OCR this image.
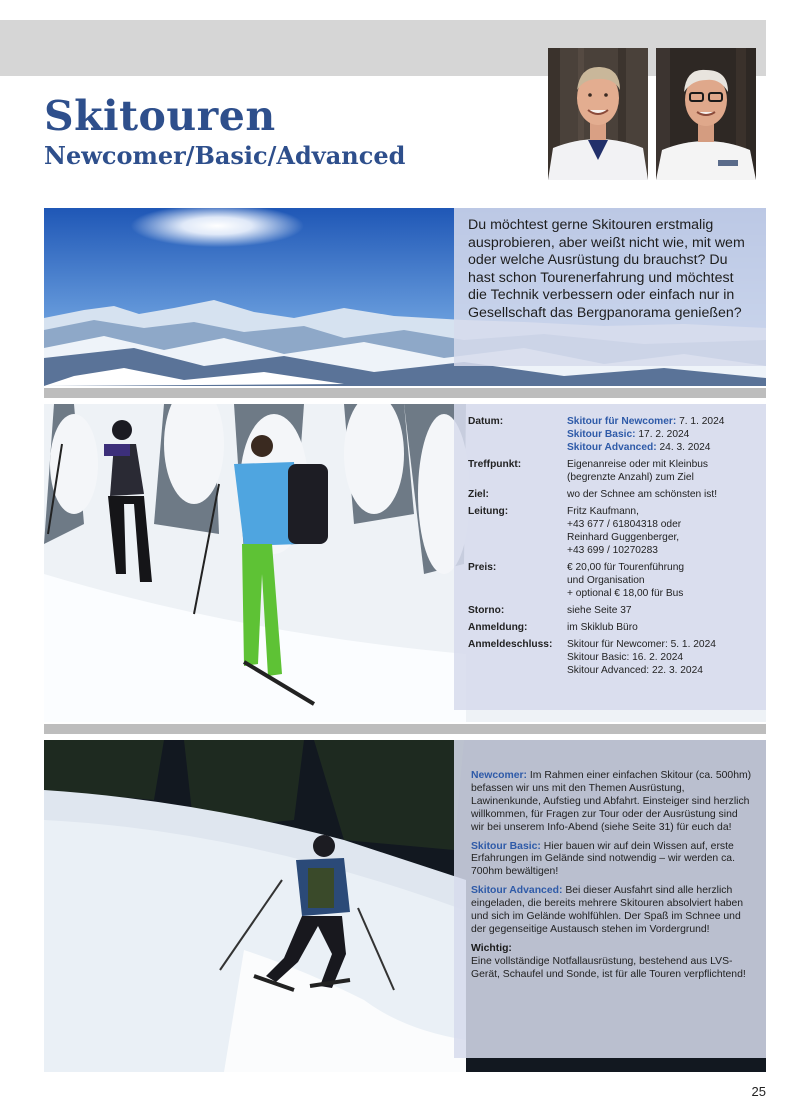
Skitouren
Newcomer/Basic/Advanced
Du möchtest gerne Skitouren erstmalig ausprobieren, aber weißt nicht wie, mit wem oder welche Ausrüstung du brauchst? Du hast schon Tourenerfahrung und möchtest die Technik verbessern oder einfach nur in Gesellschaft das Bergpanorama genießen?
Datum:	Skitour für Newcomer: 7. 1. 2024
Skitour Basic: 17. 2. 2024
Skitour Advanced: 24. 3. 2024

Treffpunkt:	Eigenanreise oder mit Kleinbus
(begrenzte Anzahl) zum Ziel

Ziel:	wo der Schnee am schönsten ist!
Leitung:	Fritz Kaufmann,
+43 677 / 61804318 oder
Reinhard Guggenberger,
+43 699 / 10270283

Preis:	€ 20,00 für Tourenführung
und Organisation
+ optional € 18,00 für Bus

Storno:	siehe Seite 37
Anmeldung:	im Skiklub Büro
Anmeldeschluss:	Skitour für Newcomer: 5. 1. 2024
Skitour Basic: 16. 2. 2024
Skitour Advanced: 22. 3. 2024

Newcomer: Im Rahmen einer einfachen Skitour (ca. 500hm) befassen wir uns mit den Themen Ausrüstung, Lawinenkunde, Aufstieg und Abfahrt. Einsteiger sind herzlich willkommen, für Fragen zur Tour oder der Ausrüstung sind wir bei unserem Info-Abend (siehe Seite 31) für euch da!

Skitour Basic: Hier bauen wir auf dein Wissen auf, erste Erfahrungen im Gelände sind notwendig – wir werden ca. 700hm bewältigen!

Skitour Advanced: Bei dieser Ausfahrt sind alle herzlich eingeladen, die bereits mehrere Skitouren absolviert haben und sich im Gelände wohlfühlen. Der Spaß im Schnee und der gegenseitige Austausch stehen im Vordergrund!

Wichtig:
Eine vollständige Notfallausrüstung, bestehend aus LVS-Gerät, Schaufel und Sonde, ist für alle Touren verpflichtend!

25
